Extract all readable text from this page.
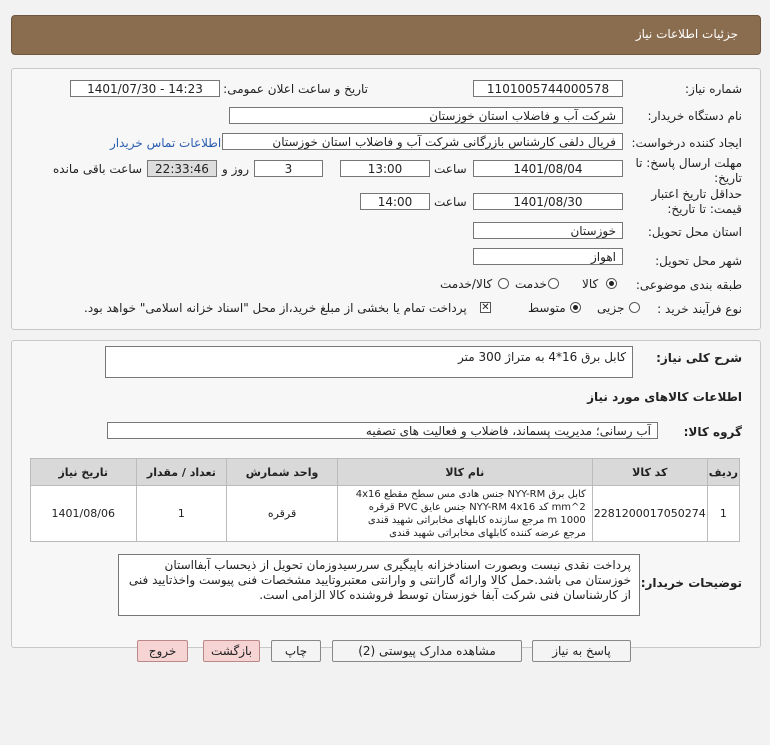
جزئیات اطلاعات نیاز
شماره نیاز:
1101005744000578
تاریخ و ساعت اعلان عمومی:
1401/07/30 - 14:23
نام دستگاه خریدار:
شرکت آب و فاضلاب استان خوزستان
ایجاد کننده درخواست:
فریال دلفی کارشناس بازرگانی شرکت آب و فاضلاب استان خوزستان
اطلاعات تماس خریدار
مهلت ارسال پاسخ: تا
تاریخ:
1401/08/04
ساعت
13:00
3
روز و
22:33:46
ساعت باقی مانده
حداقل تاریخ اعتبار
قیمت: تا تاریخ:
1401/08/30
ساعت
14:00
استان محل تحویل:
خوزستان
شهر محل تحویل:
اهواز
طبقه بندی موضوعی:
کالا
خدمت
کالا/خدمت
نوع فرآیند خرید :
جزیی
متوسط
✕
پرداخت تمام یا بخشی از مبلغ خرید،از محل "اسناد خزانه اسلامی" خواهد بود.
شرح کلی نیاز:
کابل برق 16*4 به متراژ 300 متر
اطلاعات کالاهای مورد نیاز
گروه کالا:
آب رسانی؛ مدیریت پسماند، فاضلاب و فعالیت های تصفیه
ردیف	کد کالا	نام کالا	واحد شمارش	تعداد / مقدار	تاریخ نیاز
1	2281200017050274	کابل برق NYY-RM جنس هادی مس سطح مقطع 4x16 mm^2 کد NYY-RM 4x16 جنس عایق PVC قرقره 1000 m مرجع سازنده کابلهای مخابراتی شهید قندی مرجع عرضه کننده کابلهای مخابراتی شهید قندی	قرقره	1	1401/08/06
توضیحات خریدار:
پرداخت نقدی نیست وبصورت اسنادخزانه باپیگیری سررسیدوزمان تحویل از ذیحساب آبفااستان خوزستان می باشد.حمل کالا وارائه گارانتی و وارانتی معتبروتایید مشخصات فنی پیوست واخذتایید فنی از کارشناسان فنی شرکت آبفا خوزستان توسط فروشنده کالا الزامی است.
پاسخ به نیاز
مشاهده مدارک پیوستی (2)
چاپ
بازگشت
خروج
